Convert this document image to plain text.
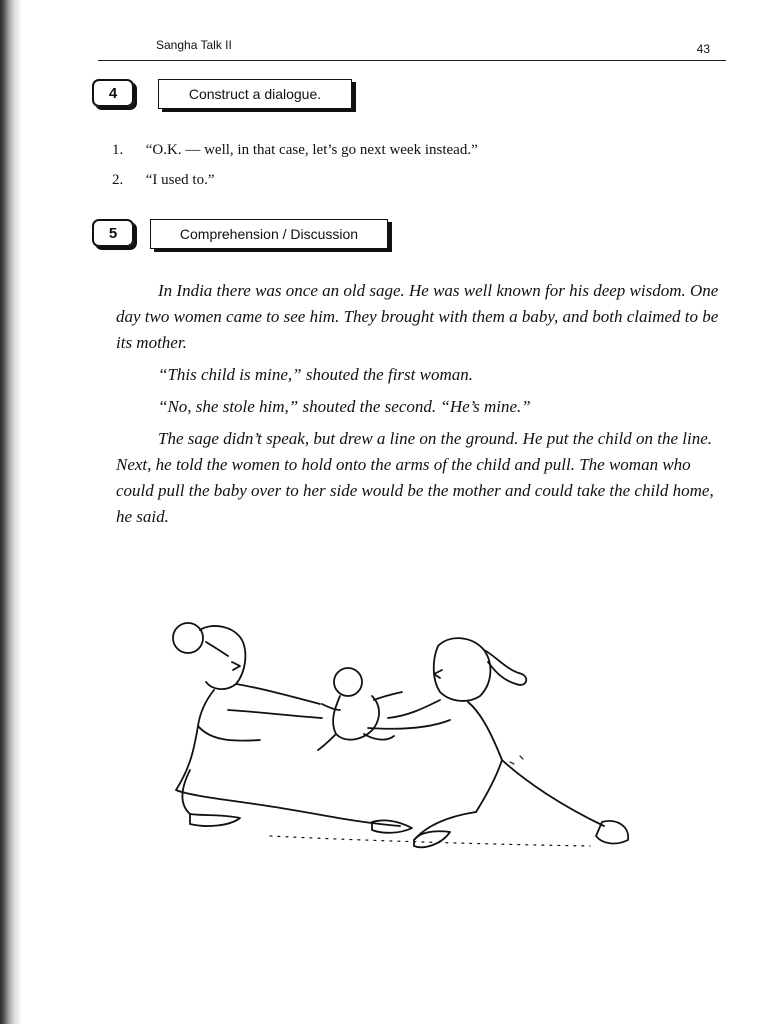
Sangha Talk II	43
4	Construct a dialogue.
1. “O.K. — well, in that case, let’s go next week instead.”
2. “I used to.”
5	Comprehension / Discussion

In India there was once an old sage. He was well known for his deep wisdom. One day two women came to see him. They brought with them a baby, and both claimed to be its mother.

“This child is mine,” shouted the first woman.

“No, she stole him,” shouted the second. “He’s mine.”

The sage didn’t speak, but drew a line on the ground. He put the child on the line. Next, he told the women to hold onto the arms of the child and pull. The woman who could pull the baby over to her side would be the mother and could take the child home, he said.
